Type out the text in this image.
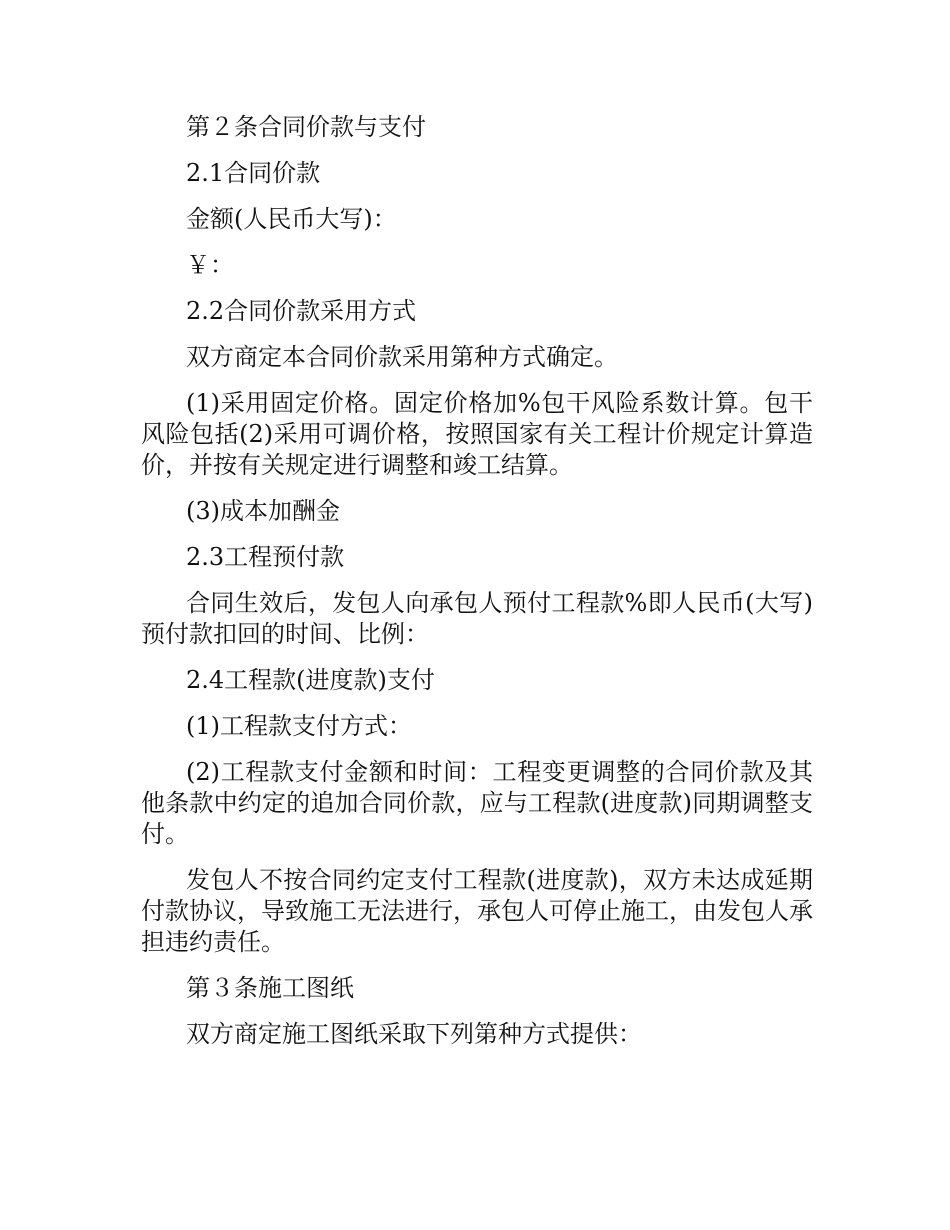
第２条合同价款与支付

2.1合同价款

金额(人民币大写)：

￥：

2.2合同价款采用方式

双方商定本合同价款采用第种方式确定。

(1)采用固定价格。固定价格加%包干风险系数计算。包干风险包括(2)采用可调价格，按照国家有关工程计价规定计算造价，并按有关规定进行调整和竣工结算。

(3)成本加酬金

2.3工程预付款

合同生效后，发包人向承包人预付工程款%即人民币(大写)预付款扣回的时间、比例：

2.4工程款(进度款)支付

(1)工程款支付方式：

(2)工程款支付金额和时间：工程变更调整的合同价款及其他条款中约定的追加合同价款，应与工程款(进度款)同期调整支付。

发包人不按合同约定支付工程款(进度款)，双方未达成延期付款协议，导致施工无法进行，承包人可停止施工，由发包人承担违约责任。

第３条施工图纸

双方商定施工图纸采取下列第种方式提供：
